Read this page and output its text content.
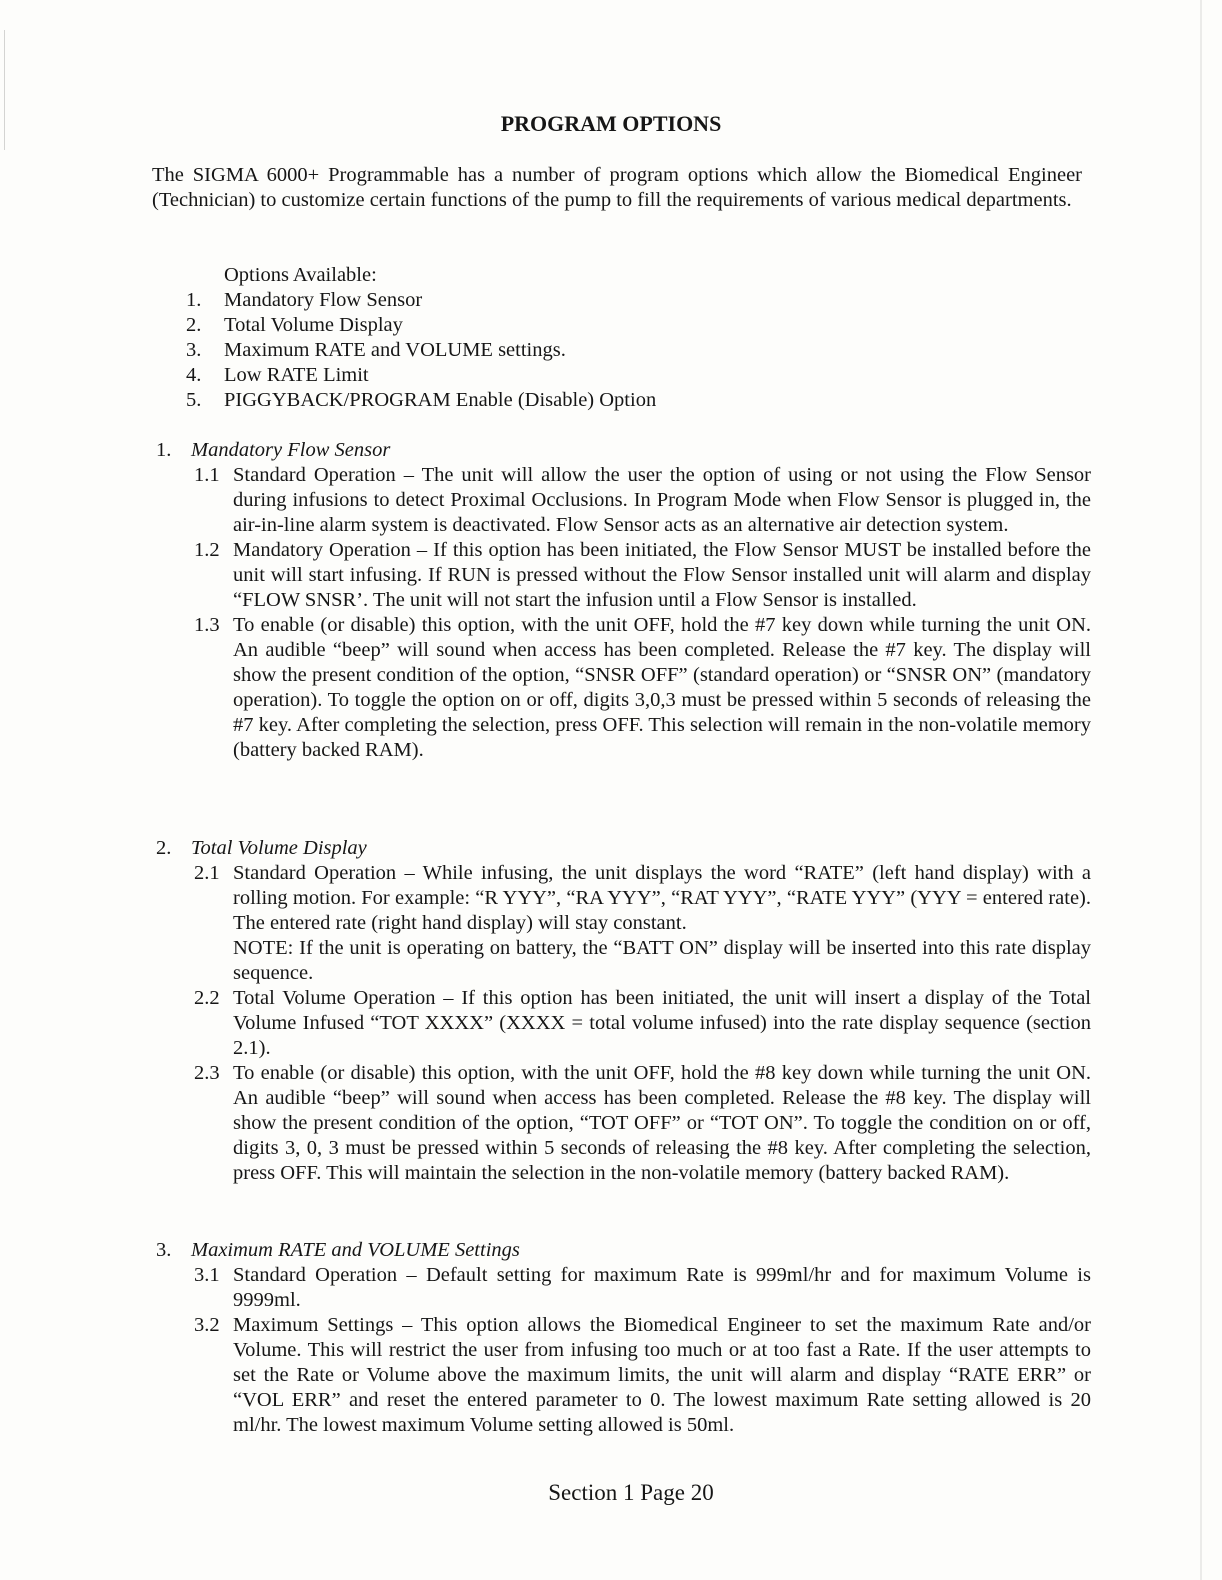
PROGRAM OPTIONS
The SIGMA 6000+ Programmable has a number of program options which allow the Biomedical Engineer (Technician) to customize certain functions of the pump to fill the requirements of various medical departments.
Options Available:
1. Mandatory Flow Sensor
2. Total Volume Display
3. Maximum RATE and VOLUME settings.
4. Low RATE Limit
5. PIGGYBACK/PROGRAM Enable (Disable) Option
1. Mandatory Flow Sensor
1.1 Standard Operation – The unit will allow the user the option of using or not using the Flow Sensor during infusions to detect Proximal Occlusions. In Program Mode when Flow Sensor is plugged in, the air-in-line alarm system is deactivated. Flow Sensor acts as an alternative air detection system.
1.2 Mandatory Operation – If this option has been initiated, the Flow Sensor MUST be installed before the unit will start infusing. If RUN is pressed without the Flow Sensor installed unit will alarm and display “FLOW SNSR’. The unit will not start the infusion until a Flow Sensor is installed.
1.3 To enable (or disable) this option, with the unit OFF, hold the #7 key down while turning the unit ON. An audible “beep” will sound when access has been completed. Release the #7 key. The display will show the present condition of the option, “SNSR OFF” (standard operation) or “SNSR ON” (mandatory operation). To toggle the option on or off, digits 3,0,3 must be pressed within 5 seconds of releasing the #7 key. After completing the selection, press OFF. This selection will remain in the non-volatile memory (battery backed RAM).
2. Total Volume Display
2.1 Standard Operation – While infusing, the unit displays the word “RATE” (left hand display) with a rolling motion. For example: “R YYY”, “RA YYY”, “RAT YYY”, “RATE YYY” (YYY = entered rate). The entered rate (right hand display) will stay constant.
NOTE: If the unit is operating on battery, the “BATT ON” display will be inserted into this rate display sequence.
2.2 Total Volume Operation – If this option has been initiated, the unit will insert a display of the Total Volume Infused “TOT XXXX” (XXXX = total volume infused) into the rate display sequence (section 2.1).
2.3 To enable (or disable) this option, with the unit OFF, hold the #8 key down while turning the unit ON. An audible “beep” will sound when access has been completed. Release the #8 key. The display will show the present condition of the option, “TOT OFF” or “TOT ON”. To toggle the condition on or off, digits 3, 0, 3 must be pressed within 5 seconds of releasing the #8 key. After completing the selection, press OFF. This will maintain the selection in the non-volatile memory (battery backed RAM).
3. Maximum RATE and VOLUME Settings
3.1 Standard Operation – Default setting for maximum Rate is 999ml/hr and for maximum Volume is 9999ml.
3.2 Maximum Settings – This option allows the Biomedical Engineer to set the maximum Rate and/or Volume. This will restrict the user from infusing too much or at too fast a Rate. If the user attempts to set the Rate or Volume above the maximum limits, the unit will alarm and display “RATE ERR” or “VOL ERR” and reset the entered parameter to 0. The lowest maximum Rate setting allowed is 20 ml/hr. The lowest maximum Volume setting allowed is 50ml.
Section 1 Page 20
